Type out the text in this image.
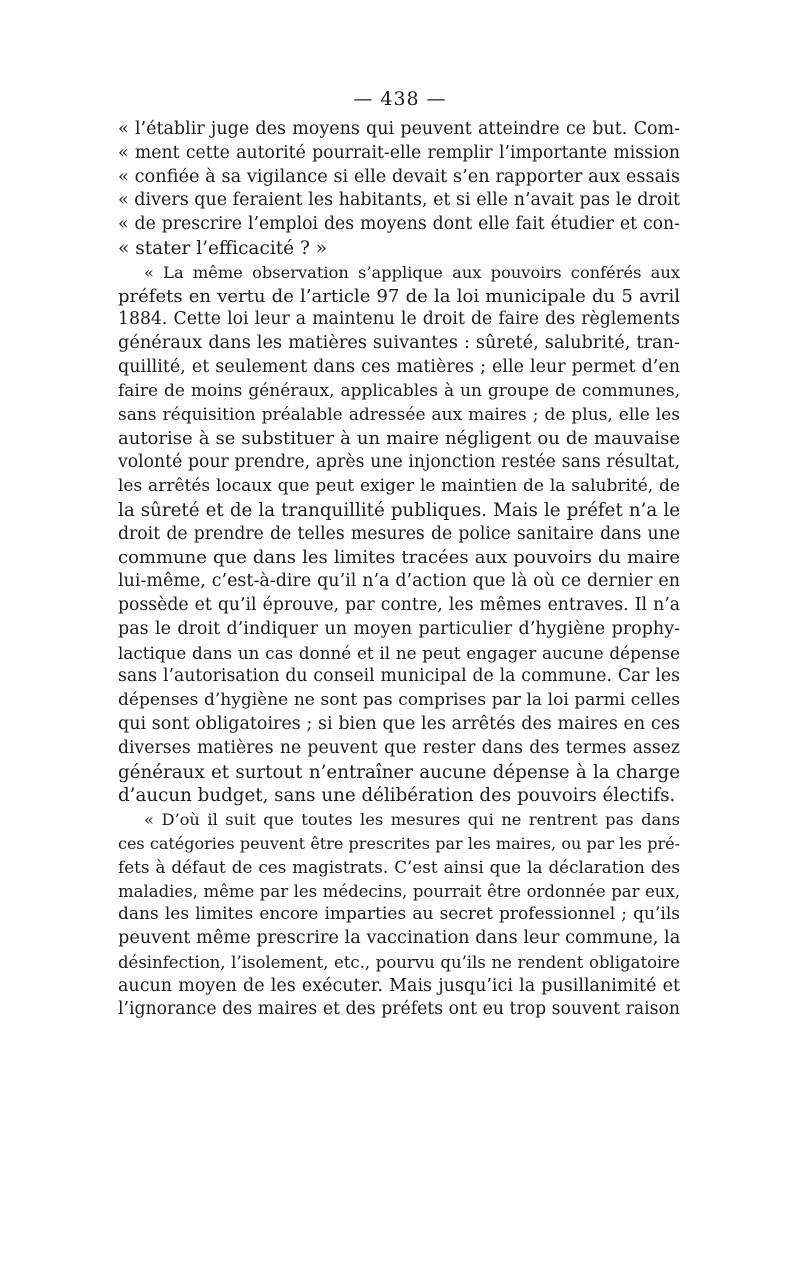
— 438 —
« l’établir juge des moyens qui peuvent atteindre ce but. Com-
« ment cette autorité pourrait-elle remplir l’importante mission
« confiée à sa vigilance si elle devait s’en rapporter aux essais
« divers que feraient les habitants, et si elle n’avait pas le droit
« de prescrire l’emploi des moyens dont elle fait étudier et con-
« stater l’efficacité ? »
« La même observation s’applique aux pouvoirs conférés aux
préfets en vertu de l’article 97 de la loi municipale du 5 avril
1884. Cette loi leur a maintenu le droit de faire des règlements
généraux dans les matières suivantes : sûreté, salubrité, tran-
quillité, et seulement dans ces matières ; elle leur permet d’en
faire de moins généraux, applicables à un groupe de communes,
sans réquisition préalable adressée aux maires ; de plus, elle les
autorise à se substituer à un maire négligent ou de mauvaise
volonté pour prendre, après une injonction restée sans résultat,
les arrêtés locaux que peut exiger le maintien de la salubrité, de
la sûreté et de la tranquillité publiques. Mais le préfet n’a le
droit de prendre de telles mesures de police sanitaire dans une
commune que dans les limites tracées aux pouvoirs du maire
lui-même, c’est-à-dire qu’il n’a d’action que là où ce dernier en
possède et qu’il éprouve, par contre, les mêmes entraves. Il n’a
pas le droit d’indiquer un moyen particulier d’hygiène prophy-
lactique dans un cas donné et il ne peut engager aucune dépense
sans l’autorisation du conseil municipal de la commune. Car les
dépenses d’hygiène ne sont pas comprises par la loi parmi celles
qui sont obligatoires ; si bien que les arrêtés des maires en ces
diverses matières ne peuvent que rester dans des termes assez
généraux et surtout n’entraîner aucune dépense à la charge
d’aucun budget, sans une délibération des pouvoirs électifs.
« D’où il suit que toutes les mesures qui ne rentrent pas dans
ces catégories peuvent être prescrites par les maires, ou par les pré-
fets à défaut de ces magistrats. C’est ainsi que la déclaration des
maladies, même par les médecins, pourrait être ordonnée par eux,
dans les limites encore imparties au secret professionnel ; qu’ils
peuvent même prescrire la vaccination dans leur commune, la
désinfection, l’isolement, etc., pourvu qu’ils ne rendent obligatoire
aucun moyen de les exécuter. Mais jusqu’ici la pusillanimité et
l’ignorance des maires et des préfets ont eu trop souvent raison
